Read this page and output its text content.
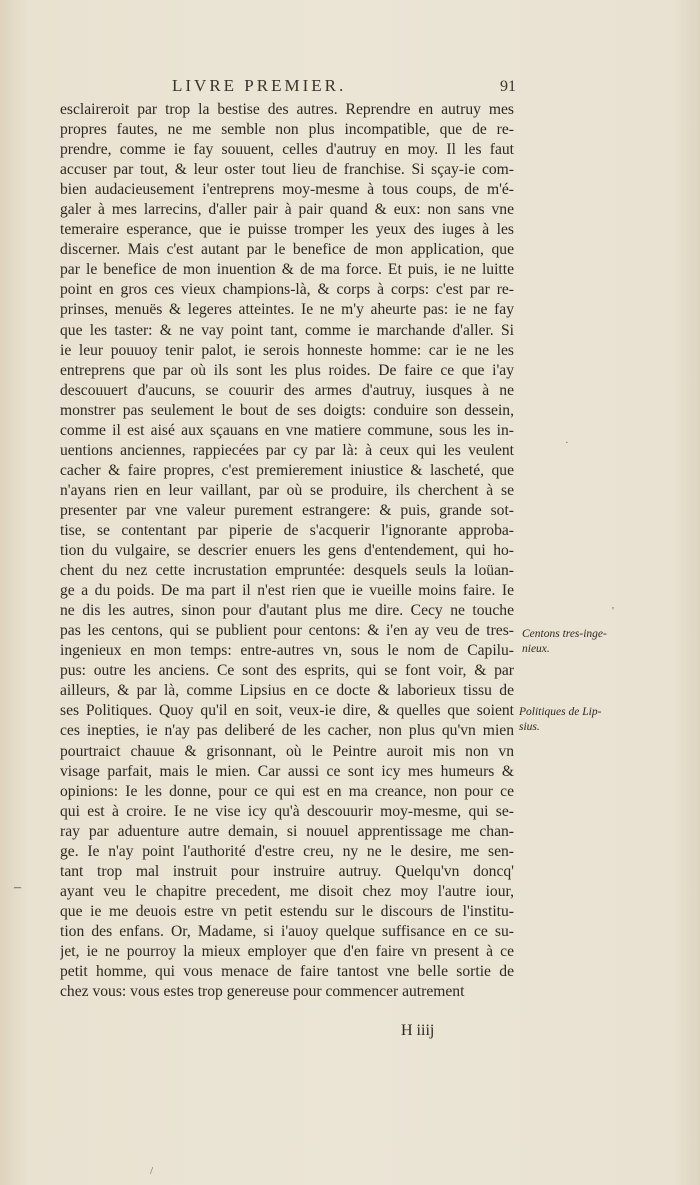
LIVRE PREMIER.	91
esclaireroit par trop la bestise des autres. Reprendre en autruy mes
propres fautes, ne me semble non plus incompatible, que de re-
prendre, comme ie fay souuent, celles d'autruy en moy. Il les faut
accuser par tout, & leur oster tout lieu de franchise. Si sçay-ie com-
bien audacieusement i'entreprens moy-mesme à tous coups, de m'é-
galer à mes larrecins, d'aller pair à pair quand & eux: non sans vne
temeraire esperance, que ie puisse tromper les yeux des iuges à les
discerner. Mais c'est autant par le benefice de mon application, que
par le benefice de mon inuention & de ma force. Et puis, ie ne luitte
point en gros ces vieux champions-là, & corps à corps: c'est par re-
prinses, menuës & legeres atteintes. Ie ne m'y aheurte pas: ie ne fay
que les taster: & ne vay point tant, comme ie marchande d'aller. Si
ie leur pouuoy tenir palot, ie serois honneste homme: car ie ne les
entreprens que par où ils sont les plus roides. De faire ce que i'ay
descouuert d'aucuns, se couurir des armes d'autruy, iusques à ne
monstrer pas seulement le bout de ses doigts: conduire son dessein,
comme il est aisé aux sçauans en vne matiere commune, sous les in-
uentions anciennes, rappiecées par cy par là: à ceux qui les veulent
cacher & faire propres, c'est premierement iniustice & lascheté, que
n'ayans rien en leur vaillant, par où se produire, ils cherchent à se
presenter par vne valeur purement estrangere: & puis, grande sot-
tise, se contentant par piperie de s'acquerir l'ignorante approba-
tion du vulgaire, se descrier enuers les gens d'entendement, qui ho-
chent du nez cette incrustation empruntée: desquels seuls la loüan-
ge a du poids. De ma part il n'est rien que ie vueille moins faire. Ie
ne dis les autres, sinon pour d'autant plus me dire. Cecy ne touche
pas les centons, qui se publient pour centons: & i'en ay veu de tres-
ingenieux en mon temps: entre-autres vn, sous le nom de Capilu-
pus: outre les anciens. Ce sont des esprits, qui se font voir, & par
ailleurs, & par là, comme Lipsius en ce docte & laborieux tissu de
ses Politiques. Quoy qu'il en soit, veux-ie dire, & quelles que soient
ces inepties, ie n'ay pas deliberé de les cacher, non plus qu'vn mien
pourtraict chauue & grisonnant, où le Peintre auroit mis non vn
visage parfait, mais le mien. Car aussi ce sont icy mes humeurs &
opinions: Ie les donne, pour ce qui est en ma creance, non pour ce
qui est à croire. Ie ne vise icy qu'à descouurir moy-mesme, qui se-
ray par aduenture autre demain, si nouuel apprentissage me chan-
ge. Ie n'ay point l'authorité d'estre creu, ny ne le desire, me sen-
tant trop mal instruit pour instruire autruy. Quelqu'vn doncq'
ayant veu le chapitre precedent, me disoit chez moy l'autre iour,
que ie me deuois estre vn petit estendu sur le discours de l'institu-
tion des enfans. Or, Madame, si i'auoy quelque suffisance en ce su-
jet, ie ne pourroy la mieux employer que d'en faire vn present à ce
petit homme, qui vous menace de faire tantost vne belle sortie de
chez vous: vous estes trop genereuse pour commencer autrement
H iiij
Centons tres-inge-
nieux.
Politiques de Lip-
sius.
–
·
'
/
